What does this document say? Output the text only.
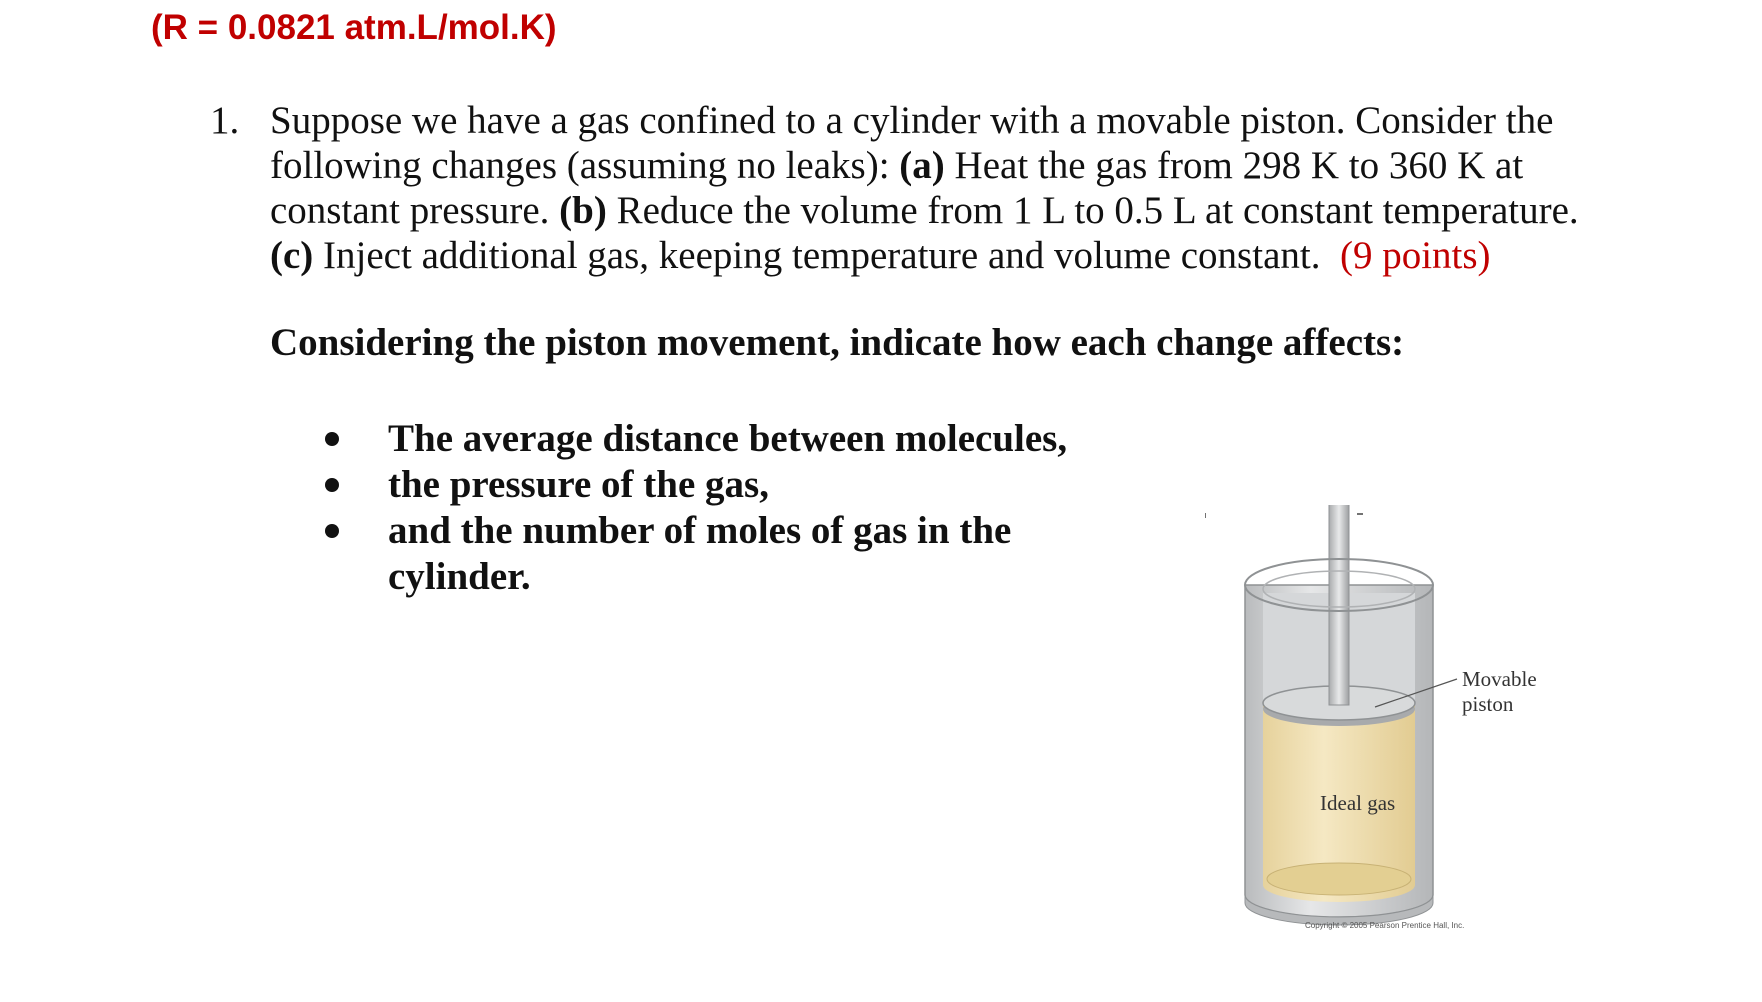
(R = 0.0821 atm.L/mol.K)
1. Suppose we have a gas confined to a cylinder with a movable piston. Consider the
following changes (assuming no leaks): (a) Heat the gas from 298 K to 360 K at
constant pressure. (b) Reduce the volume from 1 L to 0.5 L at constant temperature.
(c) Inject additional gas, keeping temperature and volume constant. (9 points)
Considering the piston movement, indicate how each change affects:
The average distance between molecules,
the pressure of the gas,
and the number of moles of gas in the
cylinder.
Movable
piston
Ideal gas
Copyright © 2005 Pearson Prentice Hall, Inc.
